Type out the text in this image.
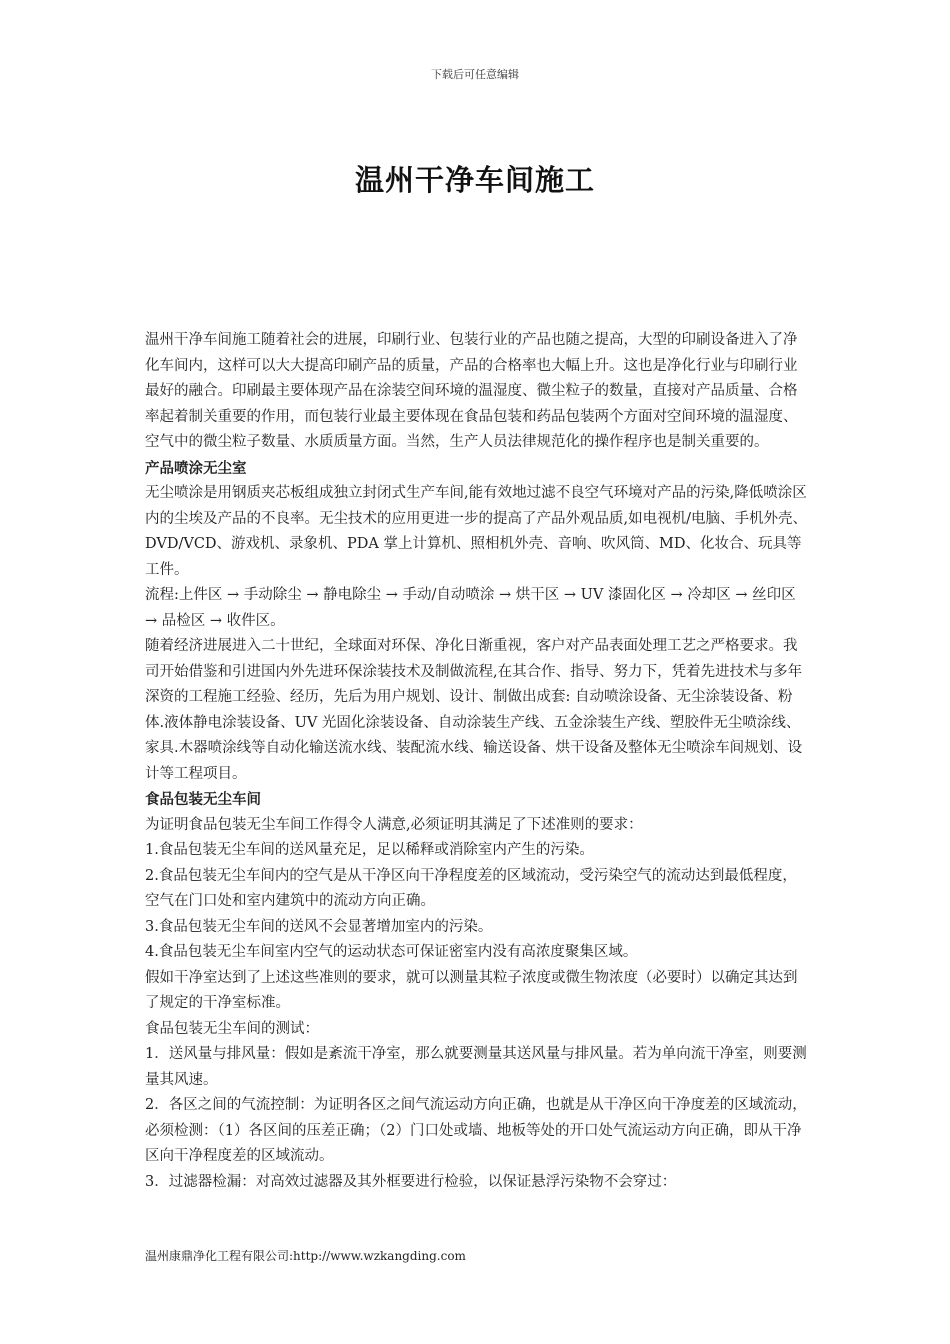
下载后可任意编辑
温州干净车间施工

温州干净车间施工随着社会的进展，印刷行业、包装行业的产品也随之提高，大型的印刷设备进入了净化车间内，这样可以大大提高印刷产品的质量，产品的合格率也大幅上升。这也是净化行业与印刷行业最好的融合。印刷最主要体现产品在涂装空间环境的温湿度、微尘粒子的数量，直接对产品质量、合格率起着制关重要的作用，而包装行业最主要体现在食品包装和药品包装两个方面对空间环境的温湿度、空气中的微尘粒子数量、水质质量方面。当然，生产人员法律规范化的操作程序也是制关重要的。

产品喷涂无尘室

无尘喷涂是用钢质夹芯板组成独立封闭式生产车间,能有效地过滤不良空气环境对产品的污染,降低喷涂区内的尘埃及产品的不良率。无尘技术的应用更进一步的提高了产品外观品质,如电视机/电脑、手机外壳、DVD/VCD、游戏机、录象机、PDA 掌上计算机、照相机外壳、音响、吹风筒、MD、化妆合、玩具等工件。

流程:上件区 → 手动除尘 → 静电除尘 → 手动/自动喷涂 → 烘干区 → UV 漆固化区 → 冷却区 → 丝印区 → 品检区 → 收件区。

随着经济进展进入二十世纪，全球面对环保、净化日渐重视，客户对产品表面处理工艺之严格要求。我司开始借鉴和引进国内外先进环保涂装技术及制做流程,在其合作、指导、努力下，凭着先进技术与多年深资的工程施工经验、经历，先后为用户规划、设计、制做出成套: 自动喷涂设备、无尘涂装设备、粉体.液体静电涂装设备、UV 光固化涂装设备、自动涂装生产线、五金涂装生产线、塑胶件无尘喷涂线、家具.木器喷涂线等自动化输送流水线、装配流水线、输送设备、烘干设备及整体无尘喷涂车间规划、设计等工程项目。

食品包装无尘车间

为证明食品包装无尘车间工作得令人满意,必须证明其满足了下述准则的要求：

1.食品包装无尘车间的送风量充足，足以稀释或消除室内产生的污染。

2.食品包装无尘车间内的空气是从干净区向干净程度差的区域流动，受污染空气的流动达到最低程度，空气在门口处和室内建筑中的流动方向正确。

3.食品包装无尘车间的送风不会显著增加室内的污染。

4.食品包装无尘车间室内空气的运动状态可保证密室内没有高浓度聚集区域。

假如干净室达到了上述这些准则的要求，就可以测量其粒子浓度或微生物浓度（必要时）以确定其达到了规定的干净室标准。

食品包装无尘车间的测试：

1．送风量与排风量：假如是紊流干净室，那么就要测量其送风量与排风量。若为单向流干净室，则要测量其风速。

2．各区之间的气流控制：为证明各区之间气流运动方向正确，也就是从干净区向干净度差的区域流动，必须检测：（1）各区间的压差正确；（2）门口处或墙、地板等处的开口处气流运动方向正确，即从干净区向干净程度差的区域流动。

3．过滤器检漏：对高效过滤器及其外框要进行检验，以保证悬浮污染物不会穿过：

温州康鼎净化工程有限公司:http://www.wzkangding.com
